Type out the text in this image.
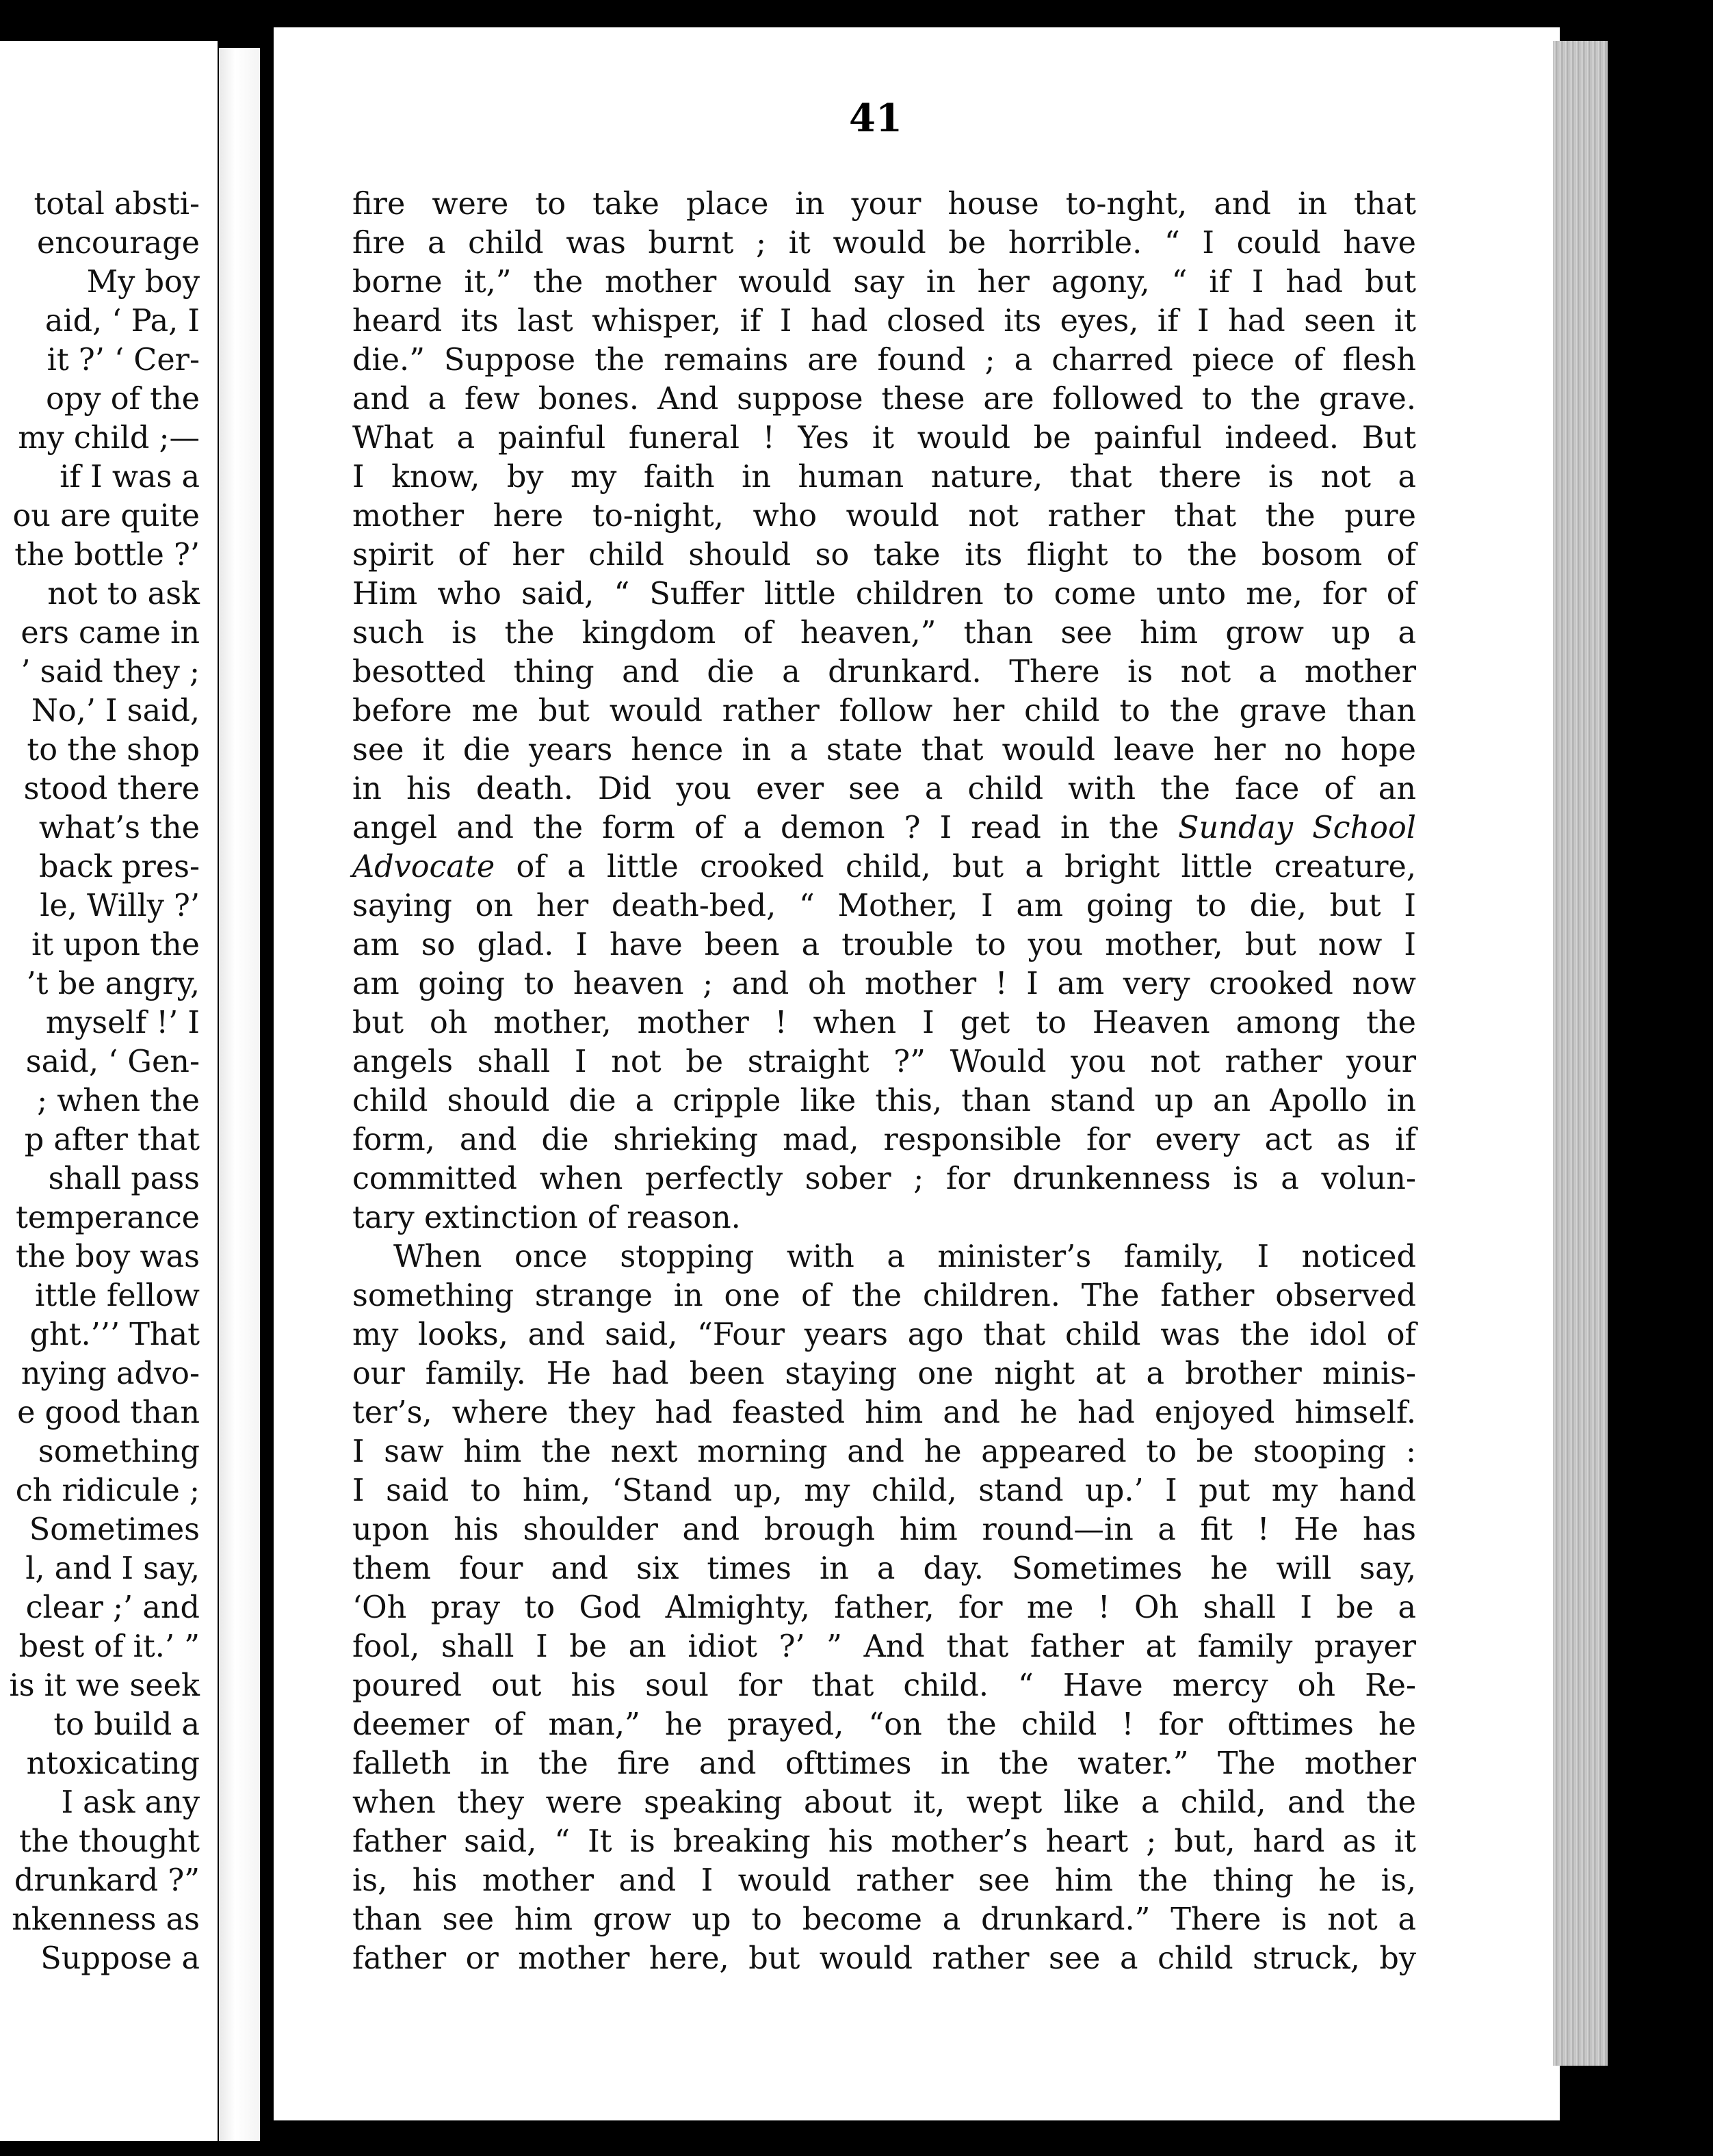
total absti-
encourage
My boy
aid, ‘ Pa, I
it ?’ ‘ Cer-
opy of the
my child ;—
if I was a
ou are quite
the bottle ?’
not to ask
ers came in
’ said they ;
No,’ I said,
to the shop
stood there
what’s the
back pres-
le, Willy ?’
it upon the
’t be angry,
myself !’ I
said, ‘ Gen-
; when the
p after that
shall pass
temperance
the boy was
ittle fellow
ght.’’’ That
nying advo-
e good than
something
ch ridicule ;
Sometimes
l, and I say,
clear ;’ and
best of it.’ ”
is it we seek
to build a
ntoxicating
I ask any
the thought
drunkard ?”
nkenness as
Suppose a
41

fire were to take place in your house to-nght, and in that
fire a child was burnt ; it would be horrible. “ I could have
borne it,” the mother would say in her agony, “ if I had but
heard its last whisper, if I had closed its eyes, if I had seen it
die.” Suppose the remains are found ; a charred piece of flesh
and a few bones. And suppose these are followed to the grave.
What a painful funeral ! Yes it would be painful indeed. But
I know, by my faith in human nature, that there is not a
mother here to-night, who would not rather that the pure
spirit of her child should so take its flight to the bosom of
Him who said, “ Suffer little children to come unto me, for of
such is the kingdom of heaven,” than see him grow up a
besotted thing and die a drunkard. There is not a mother
before me but would rather follow her child to the grave than
see it die years hence in a state that would leave her no hope
in his death. Did you ever see a child with the face of an
angel and the form of a demon ? I read in the Sunday School
Advocate of a little crooked child, but a bright little creature,
saying on her death-bed, “ Mother, I am going to die, but I
am so glad. I have been a trouble to you mother, but now I
am going to heaven ; and oh mother ! I am very crooked now
but oh mother, mother ! when I get to Heaven among the
angels shall I not be straight ?” Would you not rather your
child should die a cripple like this, than stand up an Apollo in
form, and die shrieking mad, responsible for every act as if
committed when perfectly sober ; for drunkenness is a volun-
tary extinction of reason.

When once stopping with a minister’s family, I noticed
something strange in one of the children. The father observed
my looks, and said, “Four years ago that child was the idol of
our family. He had been staying one night at a brother minis-
ter’s, where they had feasted him and he had enjoyed himself.
I saw him the next morning and he appeared to be stooping :
I said to him, ‘Stand up, my child, stand up.’ I put my hand
upon his shoulder and brough him round—in a fit ! He has
them four and six times in a day. Sometimes he will say,
‘Oh pray to God Almighty, father, for me ! Oh shall I be a
fool, shall I be an idiot ?’ ” And that father at family prayer
poured out his soul for that child. “ Have mercy oh Re-
deemer of man,” he prayed, “on the child ! for ofttimes he
falleth in the fire and ofttimes in the water.” The mother
when they were speaking about it, wept like a child, and the
father said, “ It is breaking his mother’s heart ; but, hard as it
is, his mother and I would rather see him the thing he is,
than see him grow up to become a drunkard.” There is not a
father or mother here, but would rather see a child struck, by
